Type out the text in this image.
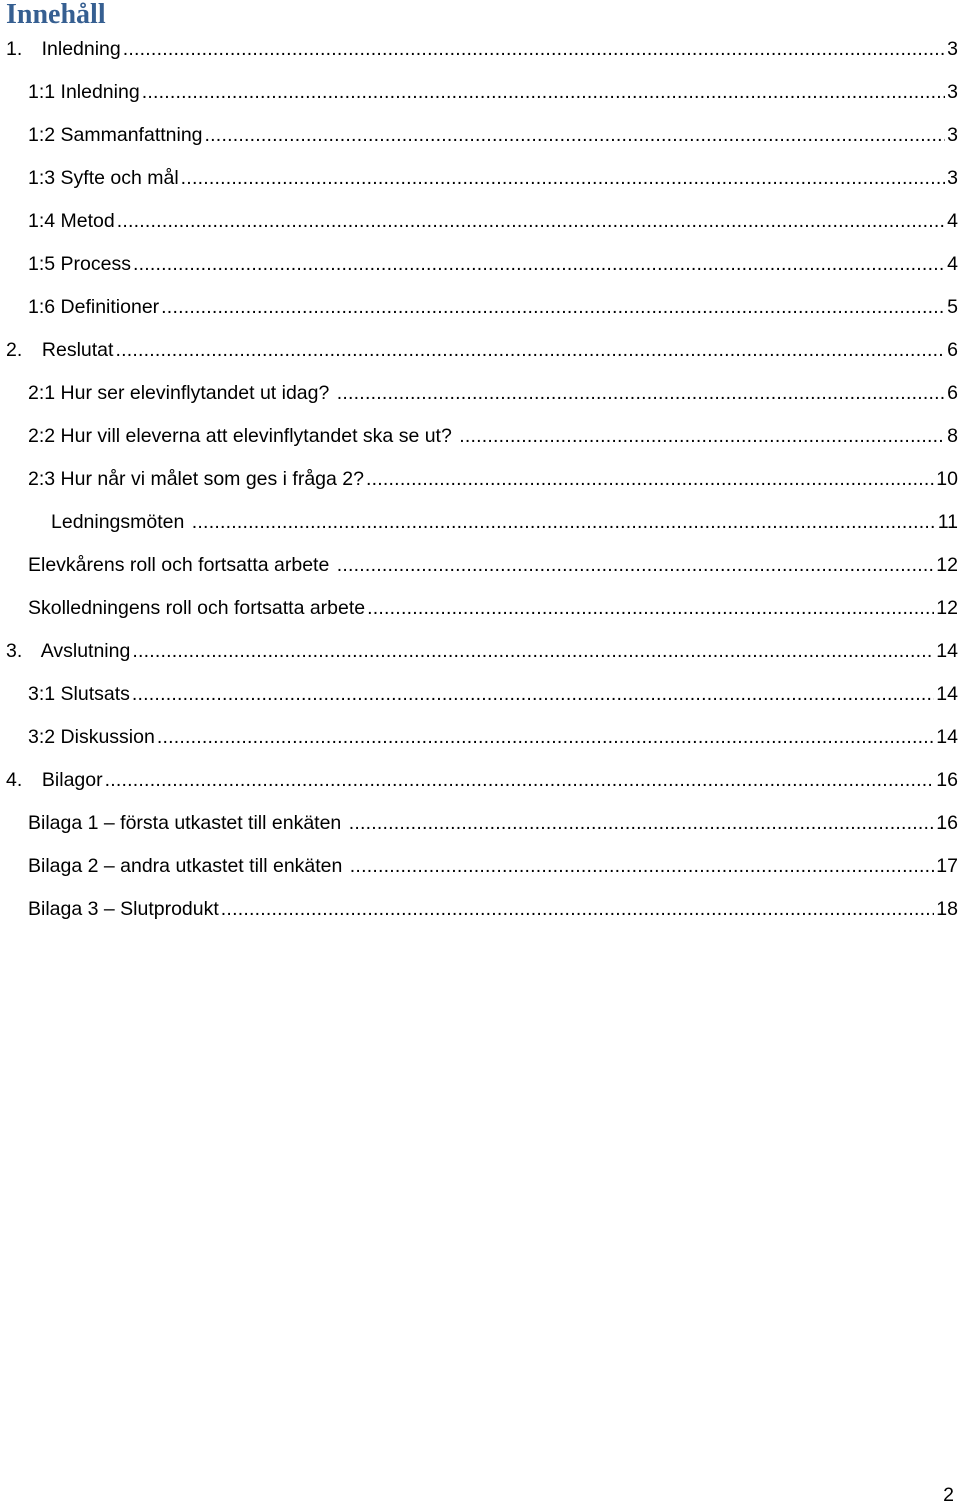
Innehåll
1. Inledning . . .	3
1:1 Inledning . . .	3
1:2 Sammanfattning . . .	3
1:3 Syfte och mål . . .	3
1:4 Metod . . .	4
1:5 Process . . .	4
1:6 Definitioner . . .	5
2.	Reslutat . . .	6
2:1 Hur ser elevinflytandet ut idag? . . .	6
2:2 Hur vill eleverna att elevinflytandet ska se ut? . . .	8
2:3 Hur når vi målet som ges i fråga 2? . . .	10
Ledningsmöten . . .	11
Elevkårens roll och fortsatta arbete . . .	12
Skolledningens roll och fortsatta arbete . . .	12
3. Avslutning . . .	14
3:1 Slutsats . . .	14
3:2 Diskussion . . .	14
4.	Bilagor . . .	16
Bilaga 1 – första utkastet till enkäten . . .	16
Bilaga 2 – andra utkastet till enkäten . . .	17
Bilaga 3 – Slutprodukt . . .	18
2
